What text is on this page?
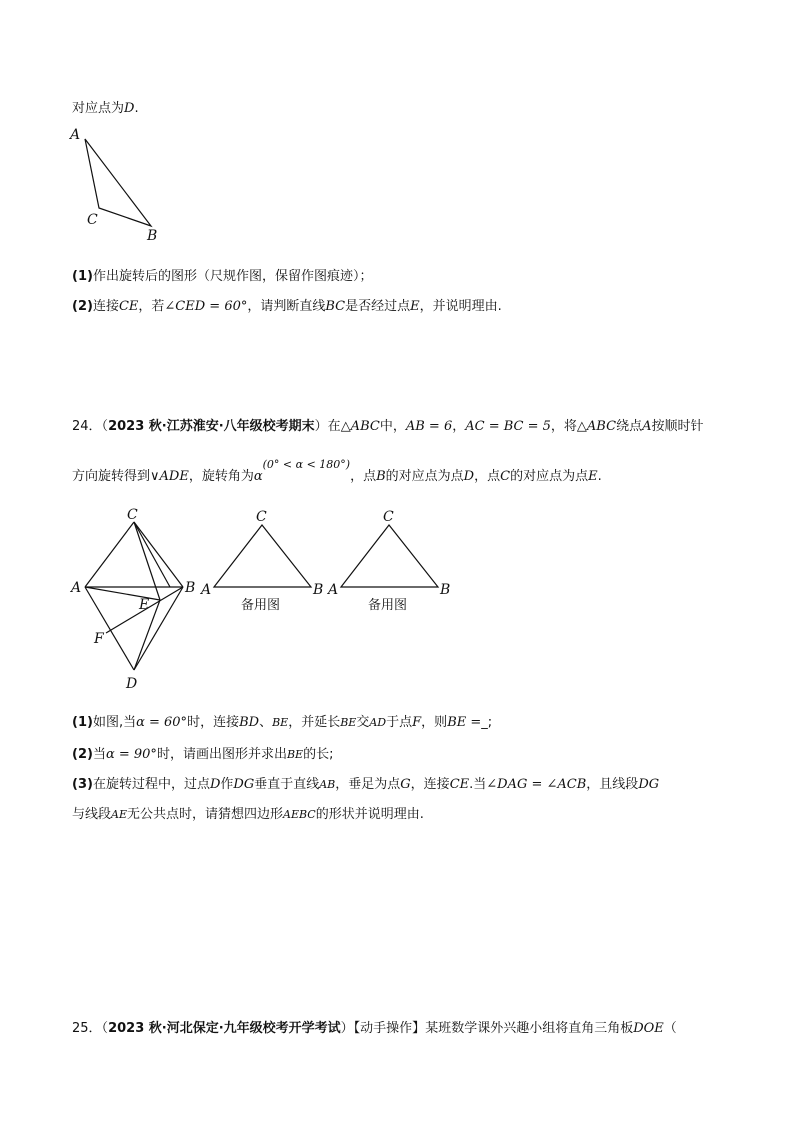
对应点为D.
A
C
B
(1)作出旋转后的图形（尺规作图，保留作图痕迹）；
(2)连接CE，若∠CED = 60°，请判断直线BC是否经过点E，并说明理由.
24．（2023 秋·江苏淮安·八年级校考期末）在△ABC中，AB = 6，AC = BC = 5，将△ABC绕点A按顺时针
方向旋转得到∨ADE，旋转角为$\alpha^{(0^\circ < \alpha < 180^\circ)}$，点B的对应点为点D，点C的对应点为点E.
C
A	B
E
F
D
C
A	B
备用图
C
A	B
备用图
(1)如图,当α = 60°时，连接BD、BE，并延长BE交AD于点F，则BE =_;
(2)当α = 90°时，请画出图形并求出BE的长;
(3)在旋转过程中，过点D作DG垂直于直线AB，垂足为点G，连接CE.当∠DAG = ∠ACB，且线段DG
与线段AE无公共点时，请猜想四边形AEBC的形状并说明理由.
25．（2023 秋·河北保定·九年级校考开学考试）【动手操作】某班数学课外兴趣小组将直角三角板DOE（
